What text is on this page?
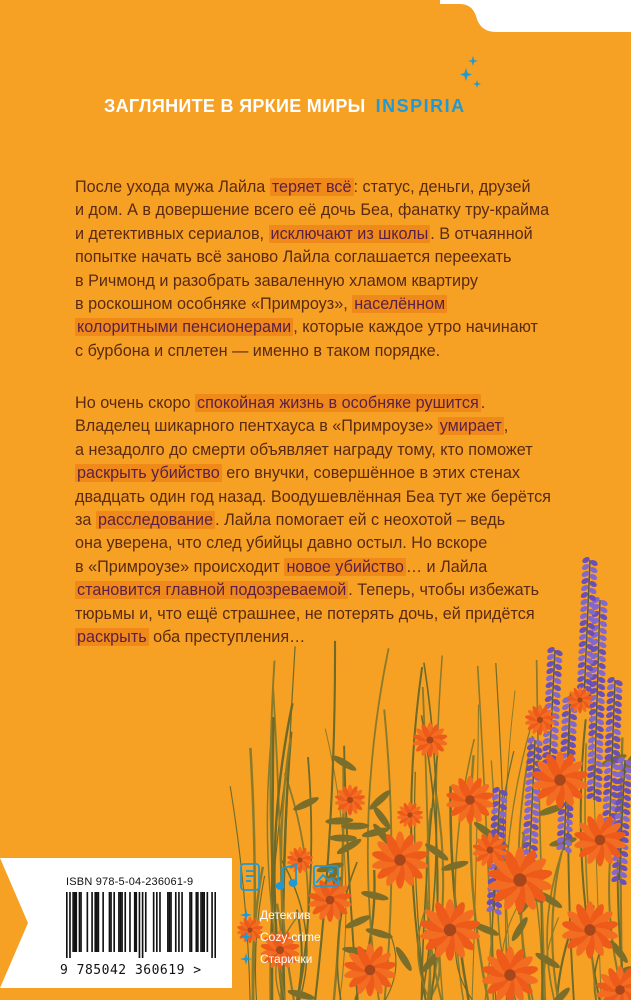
ЗАГЛЯНИТЕ В ЯРКИЕ МИРЫ INSPIRIA
После ухода мужа Лайла теряет всё : статус, деньги, друзей
и дом. А в довершение всего её дочь Беа, фанатку тру-крайма
и детективных сериалов, исключают из школы . В отчаянной
попытке начать всё заново Лайла соглашается переехать
в Ричмонд и разобрать заваленную хламом квартиру
в роскошном особняке «Примроуз», населённом
колоритными пенсионерами , которые каждое утро начинают
с бурбона и сплетен — именно в таком порядке.
Но очень скоро спокойная жизнь в особняке рушится .
Владелец шикарного пентхауса в «Примроузе» умирает ,
а незадолго до смерти объявляет награду тому, кто поможет
раскрыть убийство его внучки, совершённое в этих стенах
двадцать один год назад. Воодушевлённая Беа тут же берётся
за расследование . Лайла помогает ей с неохотой – ведь
она уверена, что след убийцы давно остыл. Но вскоре
в «Примроузе» происходит новое убийство … и Лайла
становится главной подозреваемой . Теперь, чтобы избежать
тюрьмы и, что ещё страшнее, не потерять дочь, ей придётся
раскрыть оба преступления…
ISBN 978-5-04-236061-9
9 785042 360619 >
Детектив
Cozy-crime
Старички
